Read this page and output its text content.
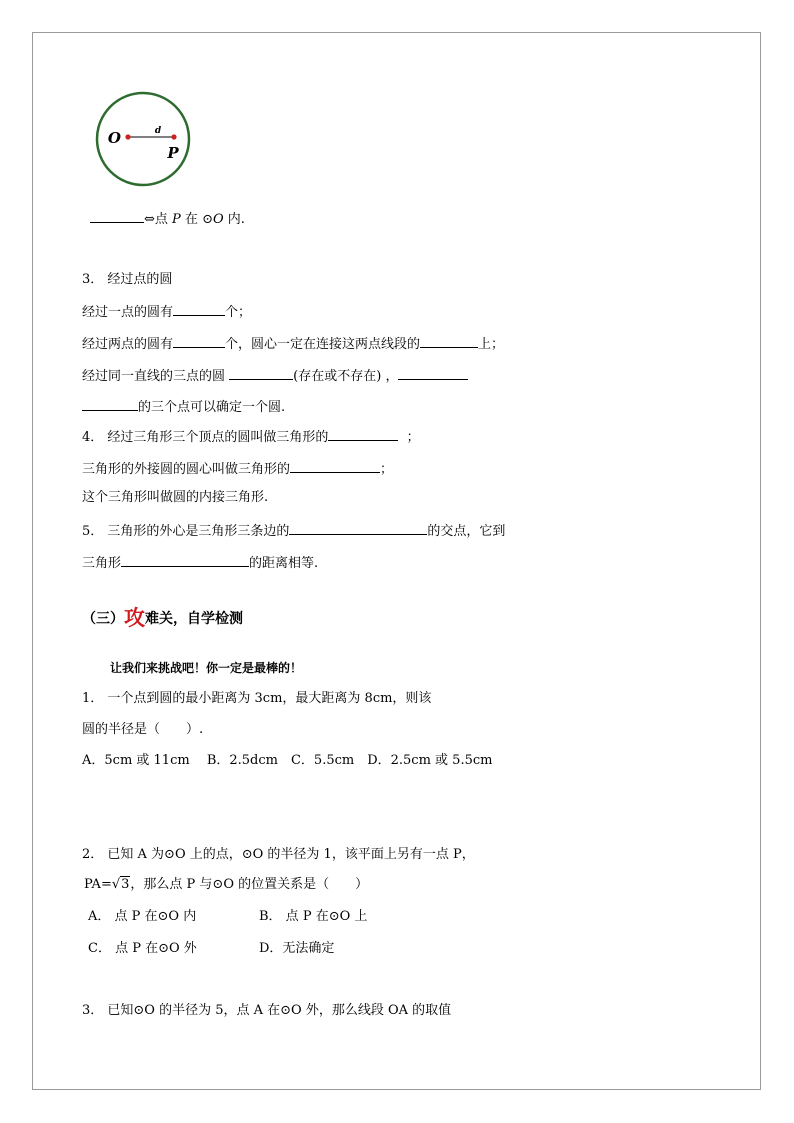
O	d
P
⇔点 P 在 ⊙O 内.
3． 经过点的圆
经过一点的圆有	个；
经过两点的圆有	个，圆心一定在连接这两点线段的	上；
经过同一直线的三点的圆	(存在或不存在) ，
的三个点可以确定一个圆.
4． 经过三角形三个顶点的圆叫做三角形的	；
三角形的外接圆的圆心叫做三角形的	；
这个三角形叫做圆的内接三角形.
5． 三角形的外心是三角形三条边的	的交点，它到
三角形	的距离相等.
（三）攻难关，自学检测
让我们来挑战吧！你一定是最棒的！
1． 一个点到圆的最小距离为 3cm，最大距离为 8cm，则该
圆的半径是（　　）.
A．5cm 或 11cm　 B．2.5dcm　C．5.5cm　D．2.5cm 或 5.5cm
2． 已知 A 为⊙O 上的点，⊙O 的半径为 1，该平面上另有一点 P，
PA=√3，那么点 P 与⊙O 的位置关系是（　　）
A． 点 P 在⊙O 内	B． 点 P 在⊙O 上
C． 点 P 在⊙O 外	D．无法确定
3． 已知⊙O 的半径为 5，点 A 在⊙O 外，那么线段 OA 的取值
